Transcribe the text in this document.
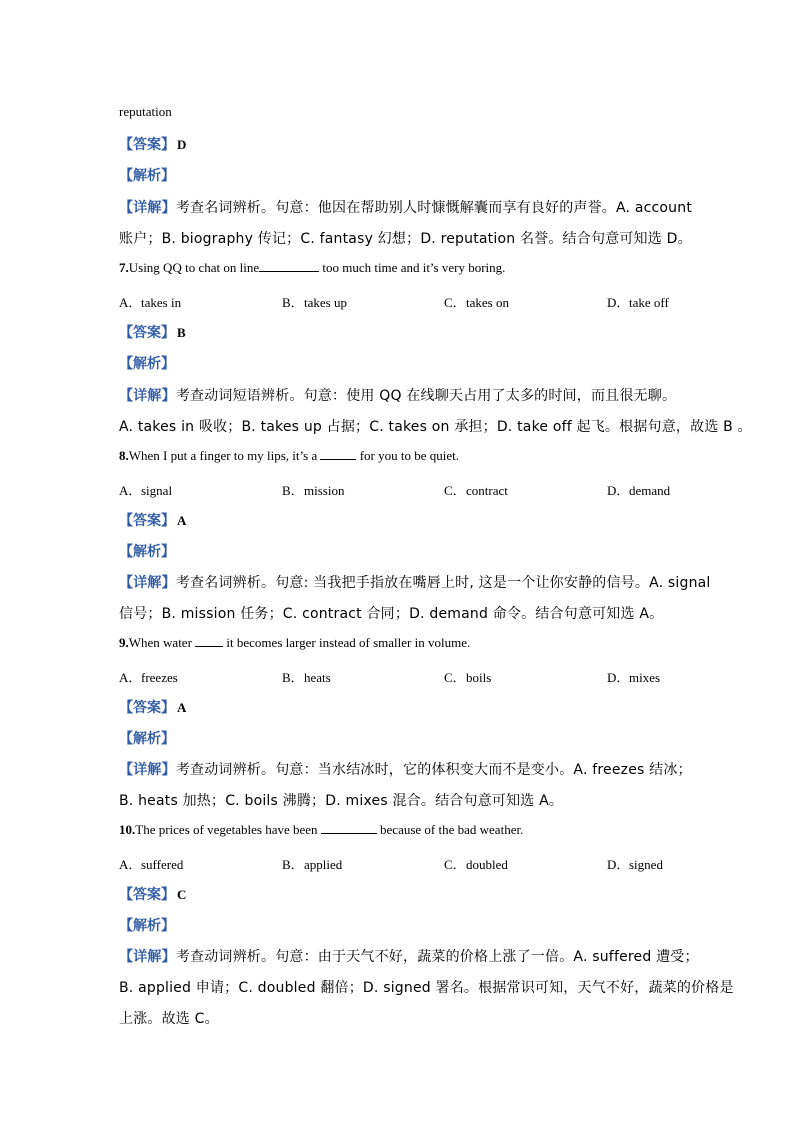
reputation
【答案】 D
【解析】
【详解】考查名词辨析。句意：他因在帮助别人时慷慨解囊而享有良好的声誉。A. account
账户；B. biography 传记；C. fantasy 幻想；D. reputation 名誉。结合句意可知选 D。
7.Using QQ to chat on line	too much time and it’s very boring.
A．takes in	B．takes up	C．takes on	D．take off
【答案】 B
【解析】
【详解】考查动词短语辨析。句意：使用 QQ 在线聊天占用了太多的时间，而且很无聊。
A. takes in 吸收；B. takes up 占据；C. takes on 承担；D. take off 起飞。根据句意，故选 B 。
8.When I put a finger to my lips, it’s a	for you to be quiet.
A．signal	B．mission	C．contract	D．demand
【答案】 A
【解析】
【详解】考查名词辨析。句意: 当我把手指放在嘴唇上时, 这是一个让你安静的信号。A. signal
信号；B. mission 任务；C. contract 合同；D. demand 命令。结合句意可知选 A。
9.When water  it becomes larger instead of smaller in volume.
A．freezes	B．heats	C．boils	D．mixes
【答案】 A
【解析】
【详解】考查动词辨析。句意：当水结冰时，它的体积变大而不是变小。A. freezes 结冰；
B. heats 加热；C. boils 沸腾；D. mixes 混合。结合句意可知选 A。
10.The prices of vegetables have been	because of the bad weather.
A．suffered	B．applied	C．doubled	D．signed
【答案】 C
【解析】
【详解】考查动词辨析。句意：由于天气不好，蔬菜的价格上涨了一倍。A. suffered 遭受；
B. applied 申请；C. doubled 翻倍；D. signed 署名。根据常识可知，天气不好，蔬菜的价格是
上涨。故选 C。
